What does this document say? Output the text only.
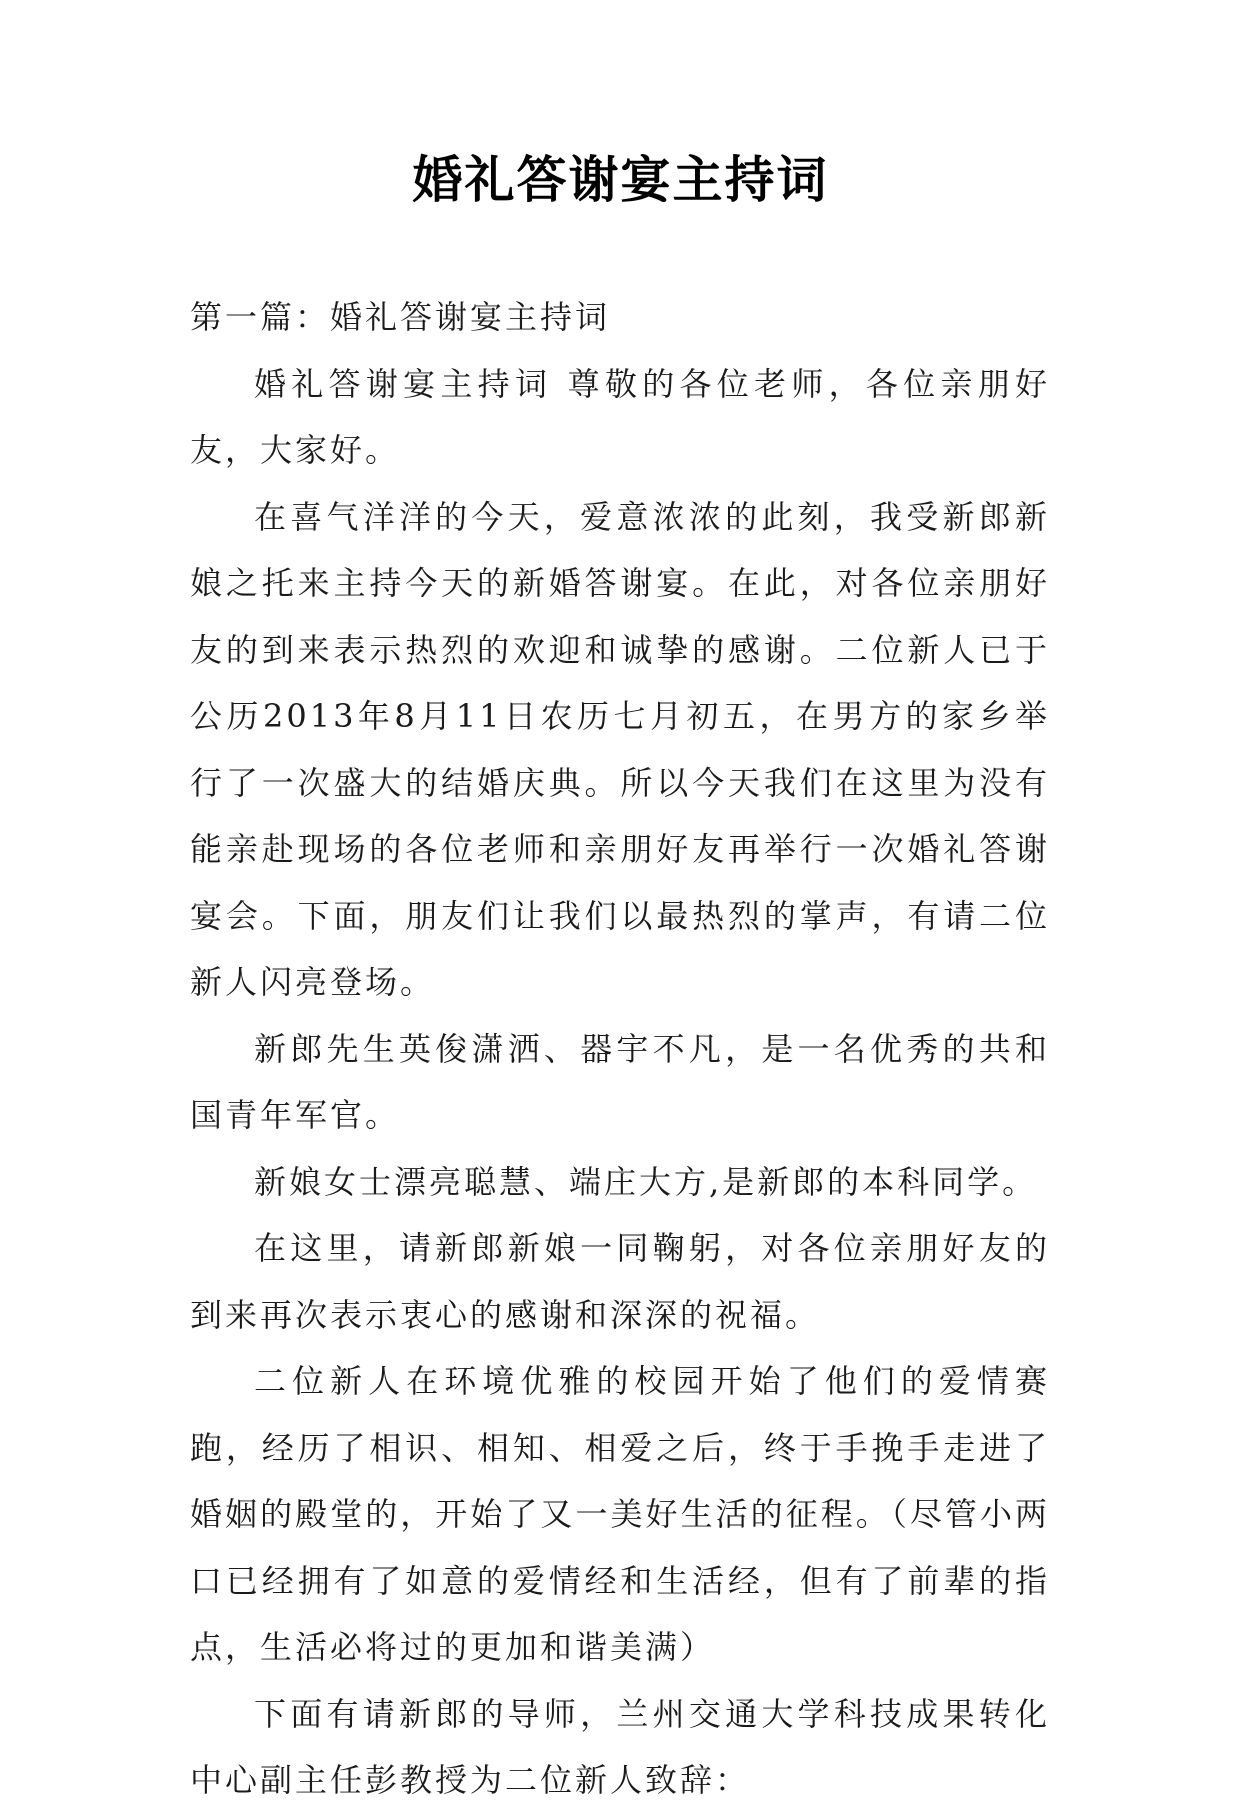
婚礼答谢宴主持词

第一篇：婚礼答谢宴主持词

婚礼答谢宴主持词 尊敬的各位老师，各位亲朋好友，大家好。

在喜气洋洋的今天，爱意浓浓的此刻，我受新郎新娘之托来主持今天的新婚答谢宴。在此，对各位亲朋好友的到来表示热烈的欢迎和诚挚的感谢。二位新人已于公历2013年8月11日农历七月初五，在男方的家乡举行了一次盛大的结婚庆典。所以今天我们在这里为没有能亲赴现场的各位老师和亲朋好友再举行一次婚礼答谢宴会。下面，朋友们让我们以最热烈的掌声，有请二位新人闪亮登场。

新郎先生英俊潇洒、器宇不凡，是一名优秀的共和国青年军官。

新娘女士漂亮聪慧、端庄大方,是新郎的本科同学。

在这里，请新郎新娘一同鞠躬，对各位亲朋好友的到来再次表示衷心的感谢和深深的祝福。

二位新人在环境优雅的校园开始了他们的爱情赛跑，经历了相识、相知、相爱之后，终于手挽手走进了婚姻的殿堂的，开始了又一美好生活的征程。（尽管小两口已经拥有了如意的爱情经和生活经，但有了前辈的指点，生活必将过的更加和谐美满）

下面有请新郎的导师，兰州交通大学科技成果转化中心副主任彭教授为二位新人致辞：
